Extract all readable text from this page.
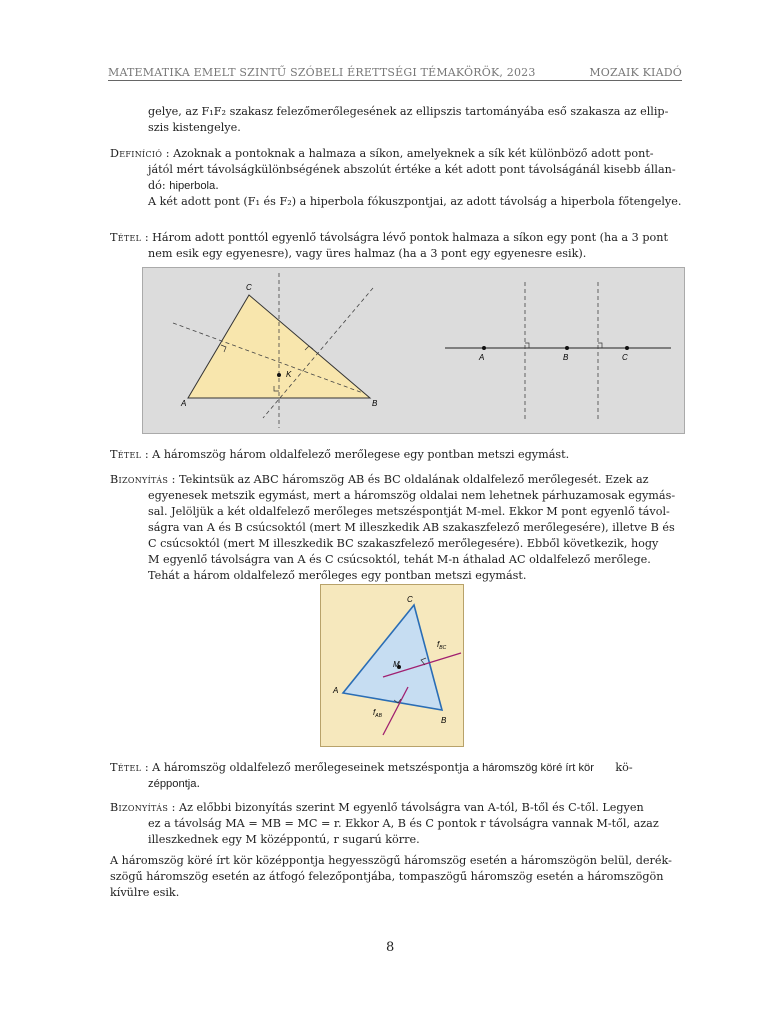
MATEMATIKA EMELT SZINTŰ SZÓBELI ÉRETTSÉGI TÉMAKÖRÖK, 2023	MOZAIK KIADÓ
gelye, az F₁F₂ szakasz felezőmerőlegesének az ellipszis tartományába eső szakasza az ellip-
szis kistengelye.
Definíció : Azoknak a pontoknak a halmaza a síkon, amelyeknek a sík két különböző adott pont-
jától mért távolságkülönbségének abszolút értéke a két adott pont távolságánál kisebb állan-
dó: hiperbola.
A két adott pont (F₁ és F₂) a hiperbola fókuszpontjai, az adott távolság a hiperbola főtengelye.
Tétel : Három adott ponttól egyenlő távolságra lévő pontok halmaza a síkon egy pont (ha a 3 pont
nem esik egy egyenesre), vagy üres halmaz (ha a 3 pont egy egyenesre esik).
C
A	B
K
A	B	C
Tétel : A háromszög három oldalfelező merőlegese egy pontban metszi egymást.
Bizonyítás : Tekintsük az ABC háromszög AB és BC oldalának oldalfelező merőlegesét. Ezek az
egyenesek metszik egymást, mert a háromszög oldalai nem lehetnek párhuzamosak egymás-
sal. Jelöljük a két oldalfelező merőleges metszéspontját M-mel. Ekkor M pont egyenlő távol-
ságra van A és B csúcsoktól (mert M illeszkedik AB szakaszfelező merőlegesére), illetve B és
C csúcsoktól (mert M illeszkedik BC szakaszfelező merőlegesére). Ebből következik, hogy
M egyenlő távolságra van A és C csúcsoktól, tehát M-n áthalad AC oldalfelező merőlege.
Tehát a három oldalfelező merőleges egy pontban metszi egymást.
C
A
B
M
$f_{BC}$
$f_{AB}$
Tétel : A háromszög oldalfelező merőlegeseinek metszéspontja a háromszög köré írt kör      kö-
zéppontja.
Bizonyítás : Az előbbi bizonyítás szerint M egyenlő távolságra van A-tól, B-től és C-től. Legyen
ez a távolság MA = MB = MC = r. Ekkor A, B és C pontok r távolságra vannak M-től, azaz
illeszkednek egy M középpontú, r sugarú körre.
A háromszög köré írt kör középpontja hegyesszögű háromszög esetén a háromszögön belül, derék-
szögű háromszög esetén az átfogó felezőpontjába, tompaszögű háromszög esetén a háromszögön
kívülre esik.
8
